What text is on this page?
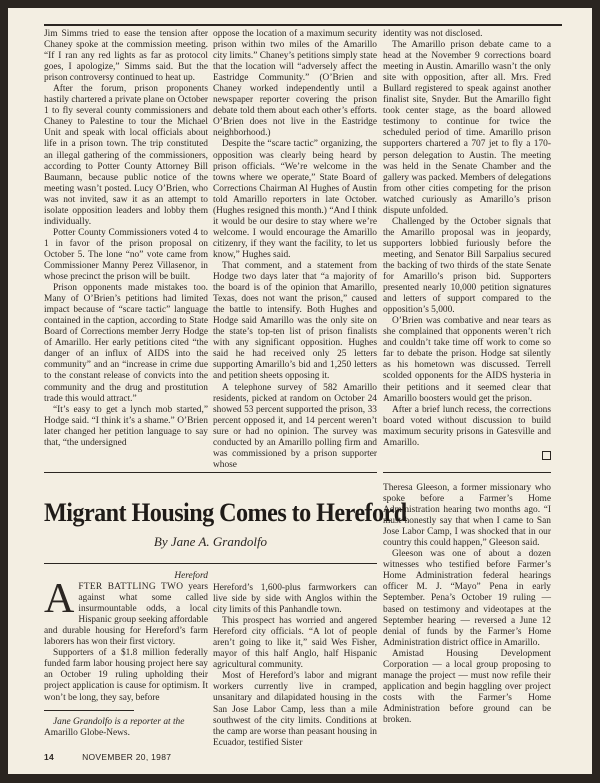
Jim Simms tried to ease the tension after Chaney spoke at the commission meeting. “If I ran any red lights as far as protocol goes, I apologize,” Simms said. But the prison controversy continued to heat up.

After the forum, prison proponents hastily chartered a private plane on October 1 to fly several county commissioners and Chaney to Palestine to tour the Michael Unit and speak with local officials about life in a prison town. The trip constituted an illegal gathering of the commissioners, according to Potter County Attorney Bill Baumann, because public notice of the meeting wasn’t posted. Lucy O’Brien, who was not invited, saw it as an attempt to isolate opposition leaders and lobby them individually.

Potter County Commissioners voted 4 to 1 in favor of the prison proposal on October 5. The lone “no” vote came from Commissioner Manny Perez Villasenor, in whose precinct the prison will be built.

Prison opponents made mistakes too. Many of O’Brien’s petitions had limited impact because of “scare tactic” language contained in the caption, according to State Board of Corrections member Jerry Hodge of Amarillo. Her early petitions cited “the danger of an influx of AIDS into the community” and an “increase in crime due to the constant release of convicts into the community and the drug and prostitution trade this would attract.”

“It’s easy to get a lynch mob started,” Hodge said. “I think it’s a shame.” O’Brien later changed her petition language to say that, “the undersigned

oppose the location of a maximum security prison within two miles of the Amarillo city limits.” Chaney’s petitions simply state that the location will “adversely affect the Eastridge Community.” (O’Brien and Chaney worked independently until a newspaper reporter covering the prison debate told them about each other’s efforts. O’Brien does not live in the Eastridge neighborhood.)

Despite the “scare tactic” organizing, the opposition was clearly being heard by prison officials. “We’re welcome in the towns where we operate,” State Board of Corrections Chairman Al Hughes of Austin told Amarillo reporters in late October. (Hughes resigned this month.) “And I think it would be our desire to stay where we’re welcome. I would encourage the Amarillo citizenry, if they want the facility, to let us know,” Hughes said.

That comment, and a statement from Hodge two days later that “a majority of the board is of the opinion that Amarillo, Texas, does not want the prison,” caused the battle to intensify. Both Hughes and Hodge said Amarillo was the only site on the state’s top-ten list of prison finalists with any significant opposition. Hughes said he had received only 25 letters supporting Amarillo’s bid and 1,250 letters and petition sheets opposing it.

A telephone survey of 582 Amarillo residents, picked at random on October 24 showed 53 percent supported the prison, 33 percent opposed it, and 14 percent weren’t sure or had no opinion. The survey was conducted by an Amarillo polling firm and was commissioned by a prison supporter whose

identity was not disclosed.

The Amarillo prison debate came to a head at the November 9 corrections board meeting in Austin. Amarillo wasn’t the only site with opposition, after all. Mrs. Fred Bullard registered to speak against another finalist site, Snyder. But the Amarillo fight took center stage, as the board allowed testimony to continue for twice the scheduled period of time. Amarillo prison supporters chartered a 707 jet to fly a 170-person delegation to Austin. The meeting was held in the Senate Chamber and the gallery was packed. Members of delegations from other cities competing for the prison watched curiously as Amarillo’s prison dispute unfolded.

Challenged by the October signals that the Amarillo proposal was in jeopardy, supporters lobbied furiously before the meeting, and Senator Bill Sarpalius secured the backing of two thirds of the state Senate for Amarillo’s prison bid. Supporters presented nearly 10,000 petition signatures and letters of support compared to the opposition’s 5,000.

O’Brien was combative and near tears as she complained that opponents weren’t rich and couldn’t take time off work to come so far to debate the prison. Hodge sat silently as his hometown was discussed. Terrell scolded opponents for the AIDS hysteria in their petitions and it seemed clear that Amarillo boosters would get the prison.

After a brief lunch recess, the corrections board voted without discussion to build maximum security prisons in Gatesville and Amarillo.

Migrant Housing Comes to Hereford
By Jane A. Grandolfo

Hereford

AFTER BATTLING TWO years against what some called insurmountable odds, a local Hispanic group seeking affordable and durable housing for Hereford’s farm laborers has won their first victory.

Supporters of a $1.8 million federally funded farm labor housing project here say an October 19 ruling upholding their project application is cause for optimism. It won’t be long, they say, before

Jane Grandolfo is a reporter at the
Amarillo Globe-News.

Hereford’s 1,600-plus farmworkers can live side by side with Anglos within the city limits of this Panhandle town.

This prospect has worried and angered Hereford city officials. “A lot of people aren’t going to like it,” said Wes Fisher, mayor of this half Anglo, half Hispanic agricultural community.

Most of Hereford’s labor and migrant workers currently live in cramped, unsanitary and dilapidated housing in the San Jose Labor Camp, less than a mile southwest of the city limits. Conditions at the camp are worse than peasant housing in Ecuador, testified Sister

Theresa Gleeson, a former missionary who spoke before a Farmer’s Home Administration hearing two months ago. “I must honestly say that when I came to San Jose Labor Camp, I was shocked that in our country this could happen,” Gleeson said.

Gleeson was one of about a dozen witnesses who testified before Farmer’s Home Administration federal hearings officer M. J. “Mayo” Pena in early September. Pena’s October 19 ruling — based on testimony and videotapes at the September hearing — reversed a June 12 denial of funds by the Farmer’s Home Administration district office in Amarillo.

Amistad Housing Development Corporation — a local group proposing to manage the project — must now refile their application and begin haggling over project costs with the Farmer’s Home Administration before ground can be broken.

14	NOVEMBER 20, 1987
